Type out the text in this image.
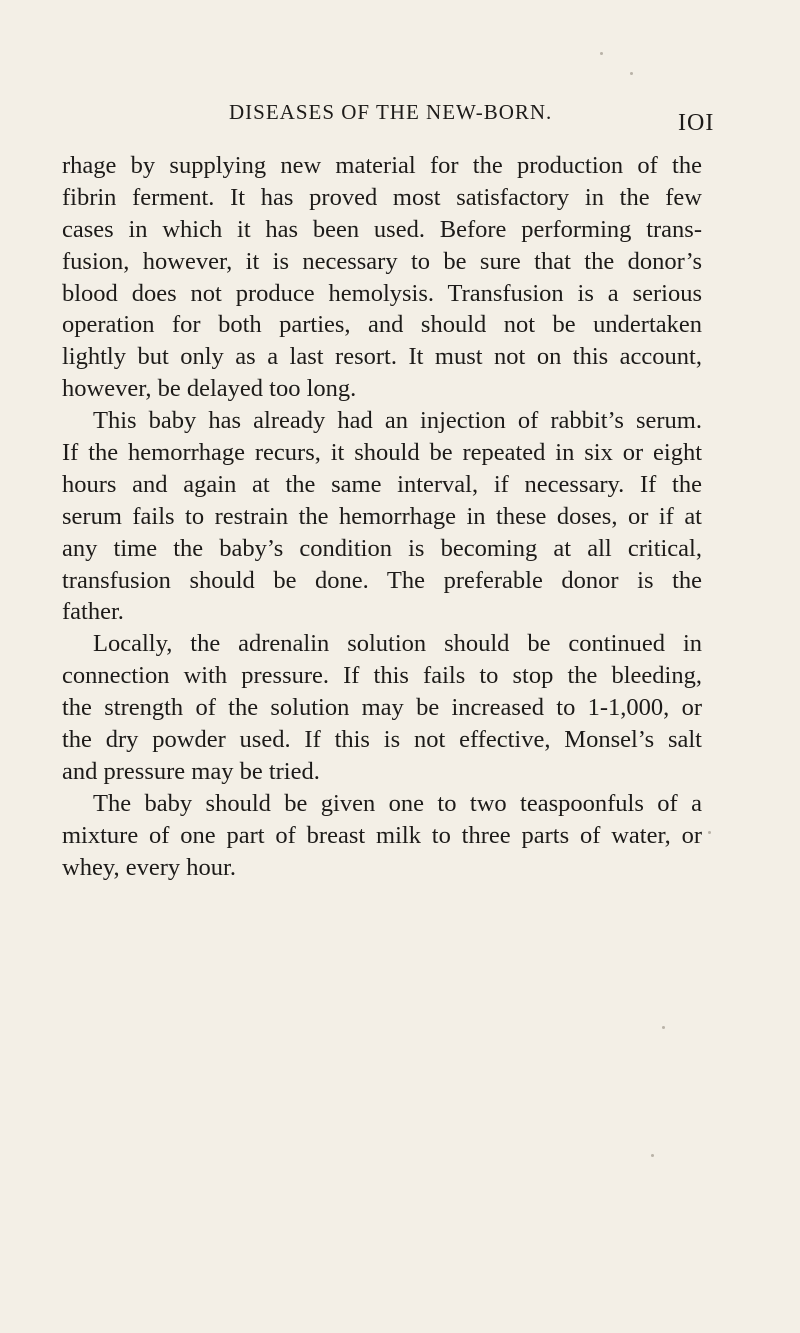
DISEASES OF THE NEW-BORN.	IOI
rhage by supplying new material for the production of the
fibrin ferment. It has proved most satisfactory in the few
cases in which it has been used. Before performing trans-
fusion, however, it is necessary to be sure that the donor’s
blood does not produce hemolysis. Transfusion is a serious
operation for both parties, and should not be undertaken
lightly but only as a last resort. It must not on this account,
however, be delayed too long.
This baby has already had an injection of rabbit’s serum.
If the hemorrhage recurs, it should be repeated in six or eight
hours and again at the same interval, if necessary. If the
serum fails to restrain the hemorrhage in these doses, or if at
any time the baby’s condition is becoming at all critical,
transfusion should be done. The preferable donor is the
father.
Locally, the adrenalin solution should be continued in
connection with pressure. If this fails to stop the bleeding,
the strength of the solution may be increased to 1-1,000, or
the dry powder used. If this is not effective, Monsel’s salt
and pressure may be tried.
The baby should be given one to two teaspoonfuls of a
mixture of one part of breast milk to three parts of water, or
whey, every hour.
